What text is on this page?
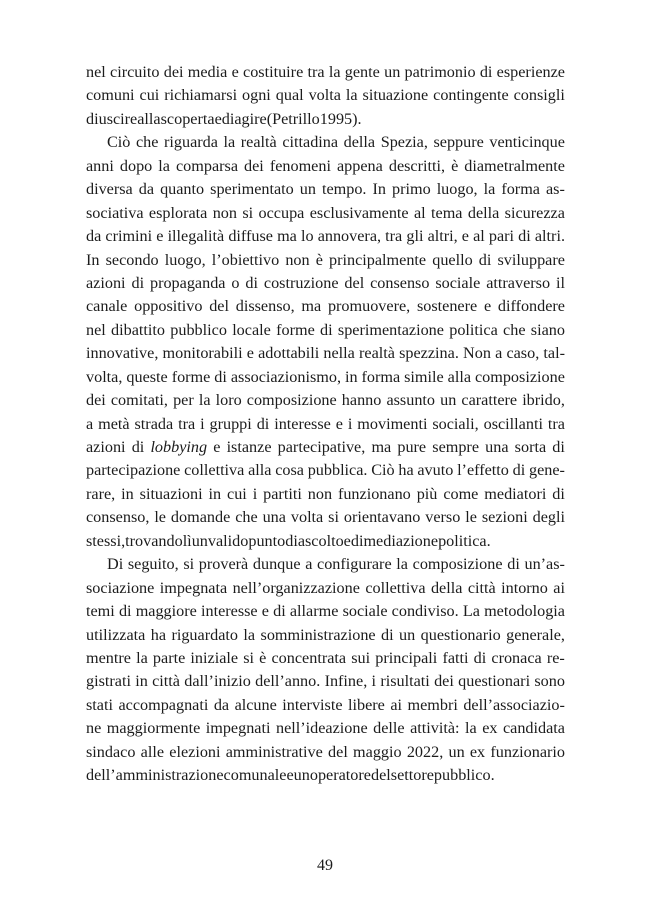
nel circuito dei media e costituire tra la gente un patrimonio di esperienze
comuni cui richiamarsi ogni qual volta la situazione contingente consigli
di uscire alla scoperta e di agire (Petrillo 1995).
Ciò che riguarda la realtà cittadina della Spezia, seppure venticinque
anni dopo la comparsa dei fenomeni appena descritti, è diametralmente
diversa da quanto sperimentato un tempo. In primo luogo, la forma as-
sociativa esplorata non si occupa esclusivamente al tema della sicurezza
da crimini e illegalità diffuse ma lo annovera, tra gli altri, e al pari di altri.
In secondo luogo, l’obiettivo non è principalmente quello di sviluppare
azioni di propaganda o di costruzione del consenso sociale attraverso il
canale oppositivo del dissenso, ma promuovere, sostenere e diffondere
nel dibattito pubblico locale forme di sperimentazione politica che siano
innovative, monitorabili e adottabili nella realtà spezzina. Non a caso, tal-
volta, queste forme di associazionismo, in forma simile alla composizione
dei comitati, per la loro composizione hanno assunto un carattere ibrido,
a metà strada tra i gruppi di interesse e i movimenti sociali, oscillanti tra
azioni di lobbying e istanze partecipative, ma pure sempre una sorta di
partecipazione collettiva alla cosa pubblica. Ciò ha avuto l’effetto di gene-
rare, in situazioni in cui i partiti non funzionano più come mediatori di
consenso, le domande che una volta si orientavano verso le sezioni degli
stessi, trovando lì un valido punto di ascolto e di mediazione politica.
Di seguito, si proverà dunque a configurare la composizione di un’as-
sociazione impegnata nell’organizzazione collettiva della città intorno ai
temi di maggiore interesse e di allarme sociale condiviso. La metodologia
utilizzata ha riguardato la somministrazione di un questionario generale,
mentre la parte iniziale si è concentrata sui principali fatti di cronaca re-
gistrati in città dall’inizio dell’anno. Infine, i risultati dei questionari sono
stati accompagnati da alcune interviste libere ai membri dell’associazio-
ne maggiormente impegnati nell’ideazione delle attività: la ex candidata
sindaco alle elezioni amministrative del maggio 2022, un ex funzionario
dell’amministrazione comunale e un operatore del settore pubblico.
49
